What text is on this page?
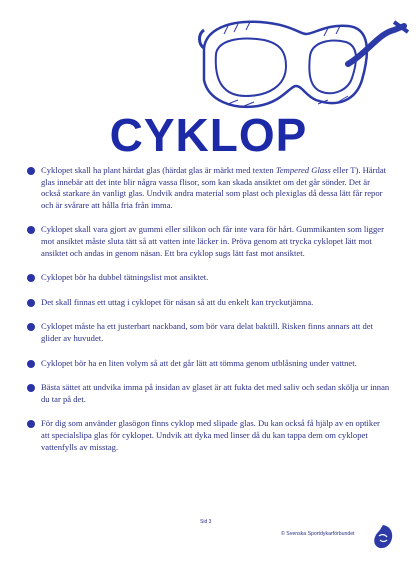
CYKLOP
Cyklopet skall ha plant härdat glas (härdat glas är märkt med texten Tempered Glass eller T). Härdat glas innebär att det inte blir några vassa flisor, som kan skada ansiktet om det går sönder. Det är också starkare än vanligt glas. Undvik andra material som plast och plexiglas då dessa lätt får repor och är svårare att hålla fria från imma.
Cyklopet skall vara gjort av gummi eller silikon och får inte vara för hårt. Gummikanten som ligger mot ansiktet måste sluta tätt så att vatten inte läcker in. Pröva genom att trycka cyklopet lätt mot ansiktet och andas in genom näsan. Ett bra cyklop sugs lätt fast mot ansiktet.
Cyklopet bör ha dubbel tätningslist mot ansiktet.
Det skall finnas ett uttag i cyklopet för näsan så att du enkelt kan tryckutjämna.
Cyklopet måste ha ett justerbart nackband, som bör vara delat baktill. Risken finns annars att det glider av huvudet.
Cyklopet bör ha en liten volym så att det går lätt att tömma genom utblåsning under vattnet.
Bästa sättet att undvika imma på insidan av glaset är att fukta det med saliv och sedan skölja ur innan du tar på det.
För dig som använder glasögon finns cyklop med slipade glas. Du kan också få hjälp av en optiker att specialslipa glas för cyklopet. Undvik att dyka med linser då du kan tappa dem om cyklopet vattenfylls av misstag.
Sid 3
© Svenska Sportdykarförbundet
